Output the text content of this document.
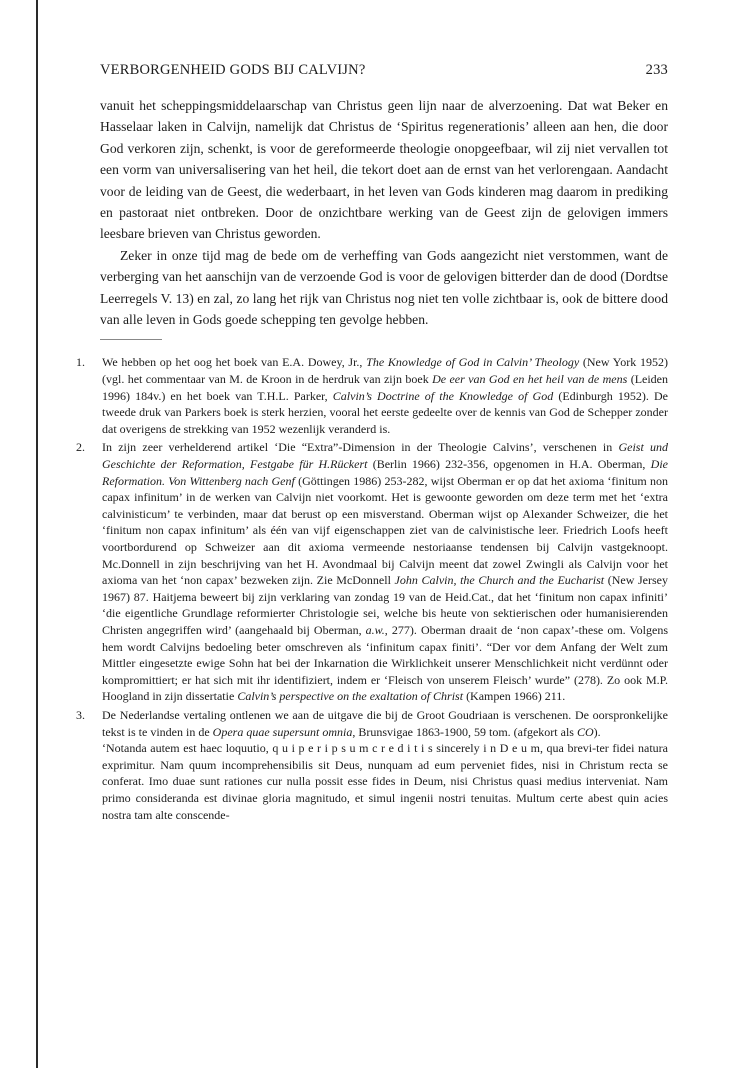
VERBORGENHEID GODS BIJ CALVIJN?	233

vanuit het scheppingsmiddelaarschap van Christus geen lijn naar de alverzoening. Dat wat Beker en Hasselaar laken in Calvijn, namelijk dat Christus de ‘Spiritus regenerationis’ alleen aan hen, die door God verkoren zijn, schenkt, is voor de gereformeerde theologie onopgeefbaar, wil zij niet vervallen tot een vorm van universalisering van het heil, die tekort doet aan de ernst van het verlorengaan. Aandacht voor de leiding van de Geest, die wederbaart, in het leven van Gods kinderen mag daarom in prediking en pastoraat niet ontbreken. Door de onzichtbare werking van de Geest zijn de gelovigen immers leesbare brieven van Christus geworden.

Zeker in onze tijd mag de bede om de verheffing van Gods aangezicht niet verstommen, want de verberging van het aanschijn van de verzoende God is voor de gelovigen bitterder dan de dood (Dordtse Leerregels V. 13) en zal, zo lang het rijk van Christus nog niet ten volle zichtbaar is, ook de bittere dood van alle leven in Gods goede schepping ten gevolge hebben.

1.	We hebben op het oog het boek van E.A. Dowey, Jr., The Knowledge of God in Calvin’ Theology (New York 1952) (vgl. het commentaar van M. de Kroon in de herdruk van zijn boek De eer van God en het heil van de mens (Leiden 1996) 184v.) en het boek van T.H.L. Parker, Calvin’s Doctrine of the Knowledge of God (Edinburgh 1952). De tweede druk van Parkers boek is sterk herzien, vooral het eerste gedeelte over de kennis van God de Schepper zonder dat overigens de strekking van 1952 wezenlijk veranderd is.
2.	In zijn zeer verhelderend artikel ‘Die “Extra”-Dimension in der Theologie Calvins’, verschenen in Geist und Geschichte der Reformation, Festgabe für H.Rückert (Berlin 1966) 232-356, opgenomen in H.A. Oberman, Die Reformation. Von Wittenberg nach Genf (Göttingen 1986) 253-282, wijst Oberman er op dat het axioma ‘finitum non capax infinitum’ in de werken van Calvijn niet voorkomt. Het is gewoonte geworden om deze term met het ‘extra calvinisticum’ te verbinden, maar dat berust op een misverstand. Oberman wijst op Alexander Schweizer, die het ‘finitum non capax infinitum’ als één van vijf eigenschappen ziet van de calvinistische leer. Friedrich Loofs heeft voortbordurend op Schweizer aan dit axioma vermeende nestoriaanse tendensen bij Calvijn vastgeknoopt. Mc.Donnell in zijn beschrijving van het H. Avondmaal bij Calvijn meent dat zowel Zwingli als Calvijn voor het axioma van het ‘non capax’ bezweken zijn. Zie McDonnell John Calvin, the Church and the Eucharist (New Jersey 1967) 87. Haitjema beweert bij zijn verklaring van zondag 19 van de Heid.Cat., dat het ‘finitum non capax infiniti’ ‘die eigentliche Grundlage reformierter Christologie sei, welche bis heute von sektierischen oder humanisierenden Christen angegriffen wird’ (aangehaald bij Oberman, a.w., 277). Oberman draait de ‘non capax’-these om. Volgens hem wordt Calvijns bedoeling beter omschreven als ‘infinitum capax finiti’. “Der vor dem Anfang der Welt zum Mittler eingesetzte ewige Sohn hat bei der Inkarnation die Wirklichkeit unserer Menschlichkeit nicht verdünnt oder kompromittiert; er hat sich mit ihr identifiziert, indem er ‘Fleisch von unserem Fleisch’ wurde” (278). Zo ook M.P. Hoogland in zijn dissertatie Calvin’s perspective on the exaltation of Christ (Kampen 1966) 211.
3.	De Nederlandse vertaling ontlenen we aan de uitgave die bij de Groot Goudriaan is verschenen. De oorspronkelijke tekst is te vinden in de Opera quae supersunt omnia, Brunsvigae 1863-1900, 59 tom. (afgekort als CO).

‘Notanda autem est haec loquutio, q u i p e r i p s u m c r e d i t i s sincerely i n D e u m, qua brevi-ter fidei natura exprimitur. Nam quum incomprehensibilis sit Deus, nunquam ad eum perveniet fides, nisi in Christum recta se conferat. Imo duae sunt rationes cur nulla possit esse fides in Deum, nisi Christus quasi medius interveniat. Nam primo consideranda est divinae gloria magnitudo, et simul ingenii nostri tenuitas. Multum certe abest quin acies nostra tam alte conscende-
